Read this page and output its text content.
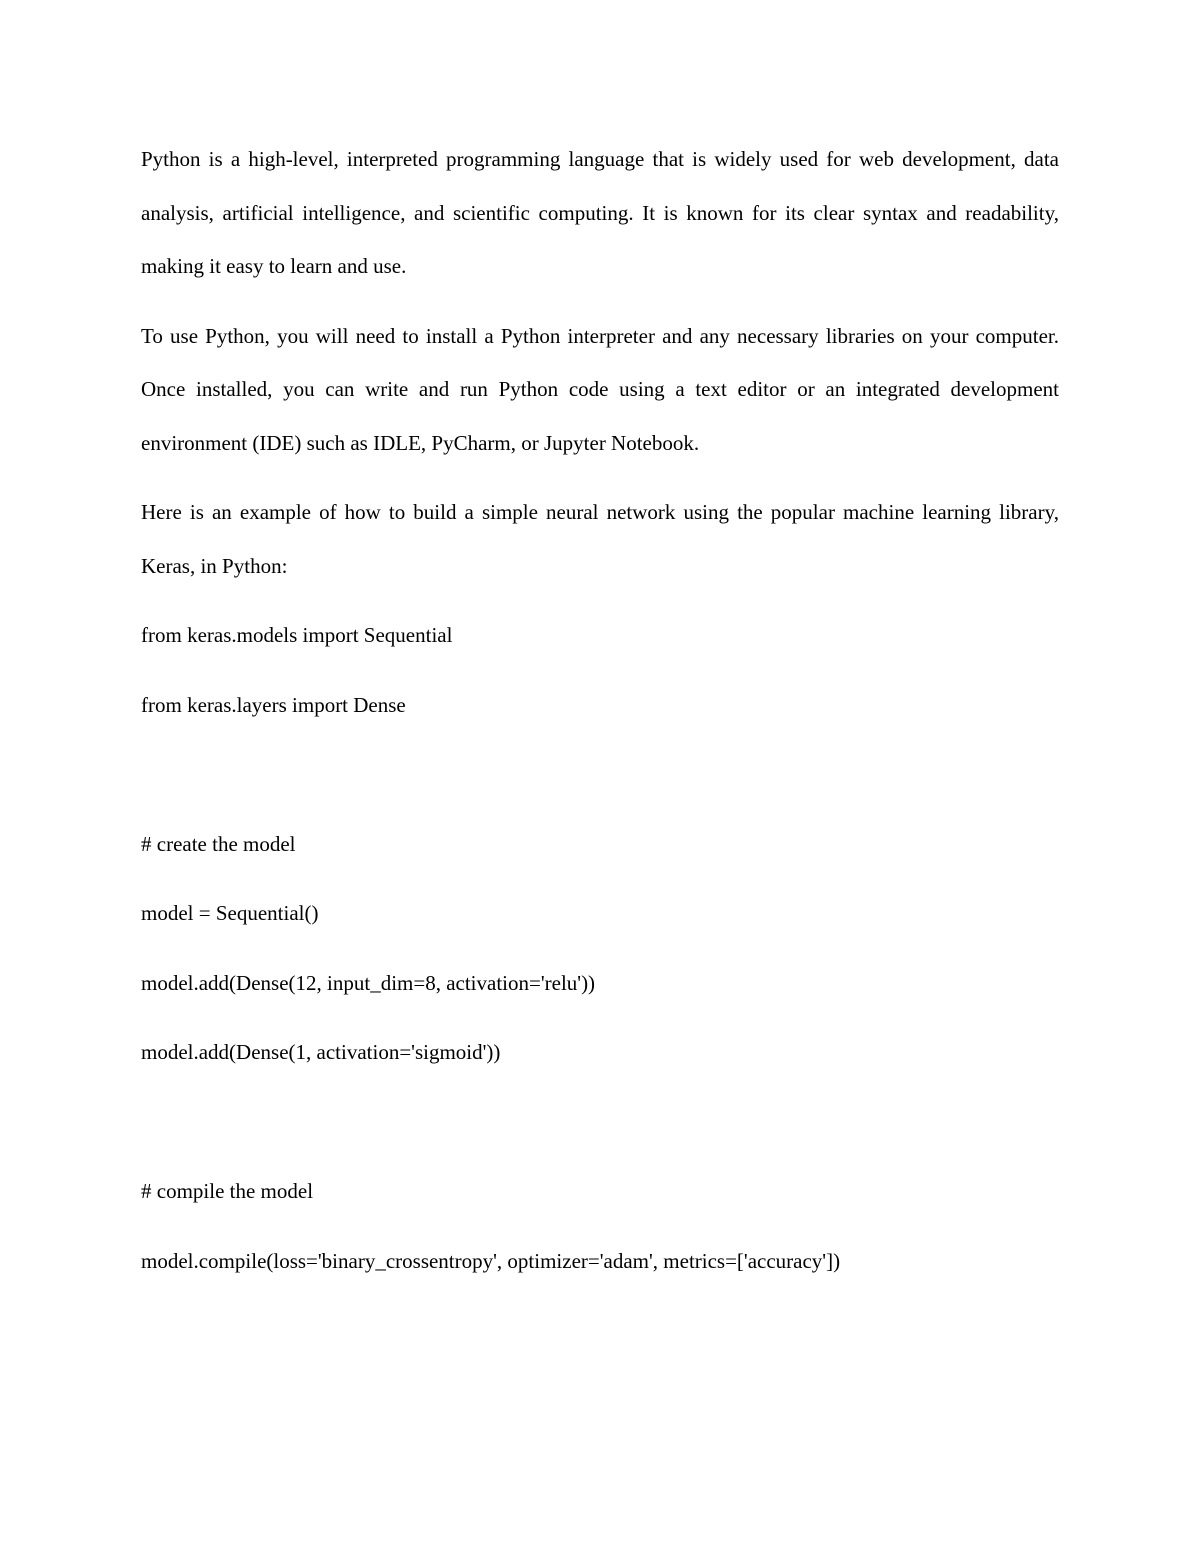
Python is a high-level, interpreted programming language that is widely used for web development, data analysis, artificial intelligence, and scientific computing. It is known for its clear syntax and readability, making it easy to learn and use.

To use Python, you will need to install a Python interpreter and any necessary libraries on your computer. Once installed, you can write and run Python code using a text editor or an integrated development environment (IDE) such as IDLE, PyCharm, or Jupyter Notebook.

Here is an example of how to build a simple neural network using the popular machine learning library, Keras, in Python:

from keras.models import Sequential
from keras.layers import Dense
# create the model
model = Sequential()
model.add(Dense(12, input_dim=8, activation='relu'))
model.add(Dense(1, activation='sigmoid'))
# compile the model
model.compile(loss='binary_crossentropy', optimizer='adam', metrics=['accuracy'])
